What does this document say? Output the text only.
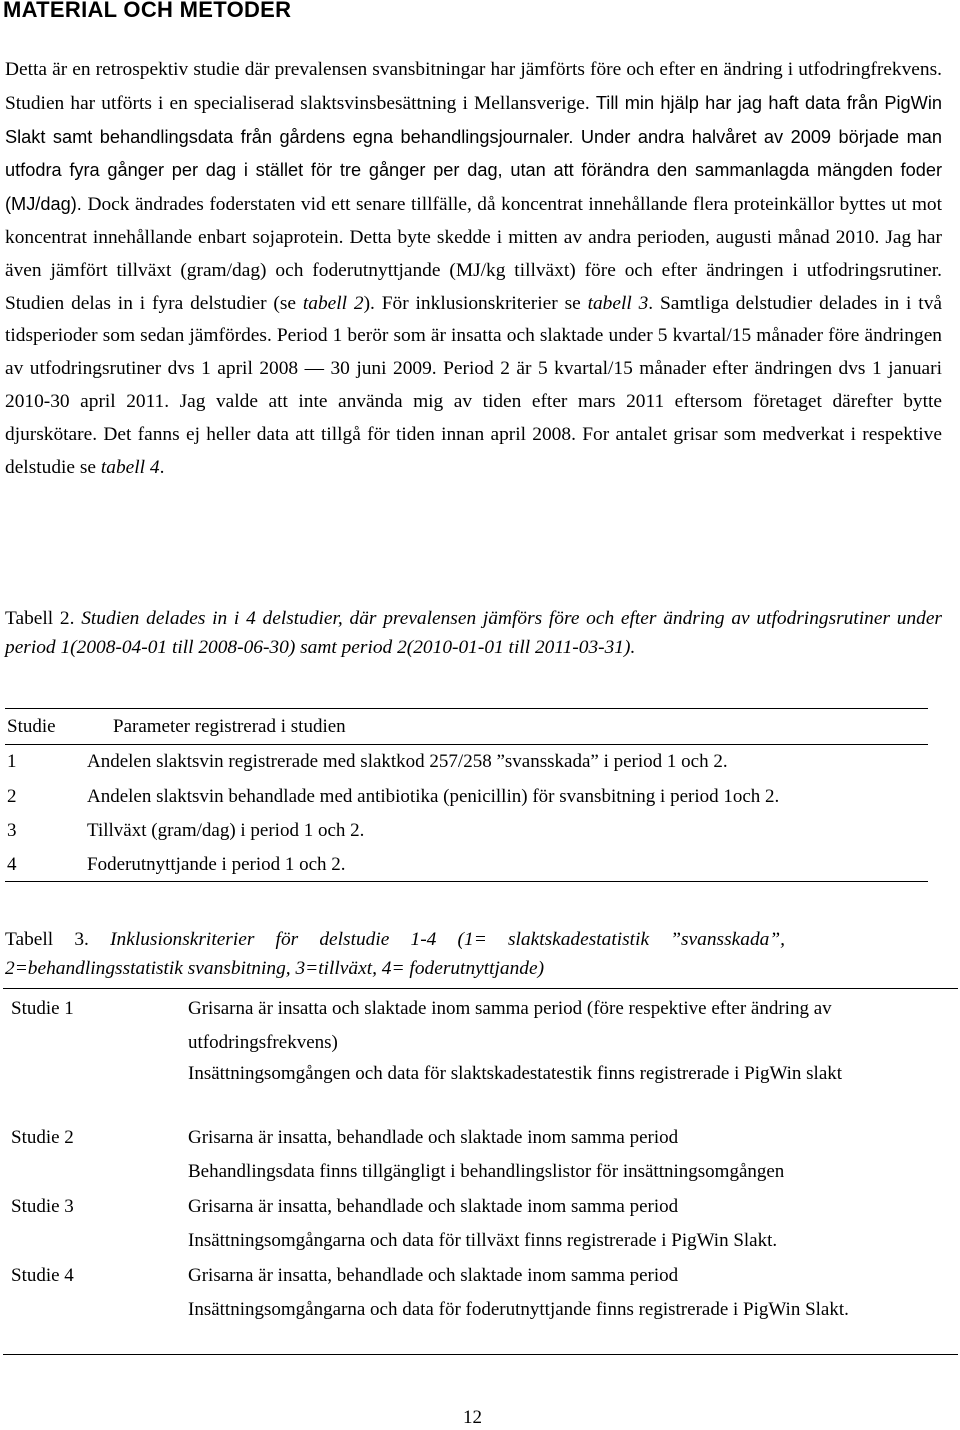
MATERIAL OCH METODER

Detta är en retrospektiv studie där prevalensen svansbitningar har jämförts före och efter en ändring i utfodringfrekvens. Studien har utförts i en specialiserad slaktsvinsbesättning i Mellansverige. Till min hjälp har jag haft data från PigWin Slakt samt behandlingsdata från gårdens egna behandlingsjournaler. Under andra halvåret av 2009 började man utfodra fyra gånger per dag i stället för tre gånger per dag, utan att förändra den sammanlagda mängden foder (MJ/dag). Dock ändrades foderstaten vid ett senare tillfälle, då koncentrat innehållande flera proteinkällor byttes ut mot koncentrat innehållande enbart sojaprotein. Detta byte skedde i mitten av andra perioden, augusti månad 2010. Jag har även jämfört tillväxt (gram/dag) och foderutnyttjande (MJ/kg tillväxt) före och efter ändringen i utfodringsrutiner. Studien delas in i fyra delstudier (se tabell 2). För inklusionskriterier se tabell 3. Samtliga delstudier delades in i två tidsperioder som sedan jämfördes. Period 1 berör som är insatta och slaktade under 5 kvartal/15 månader före ändringen av utfodringsrutiner dvs 1 april 2008 — 30 juni 2009. Period 2 är 5 kvartal/15 månader efter ändringen dvs 1 januari 2010-30 april 2011. Jag valde att inte använda mig av tiden efter mars 2011 eftersom företaget därefter bytte djurskötare. Det fanns ej heller data att tillgå för tiden innan april 2008. For antalet grisar som medverkat i respektive delstudie se tabell 4.

Tabell 2. Studien delades in i 4 delstudier, där prevalensen jämförs före och efter ändring av utfodringsrutiner under period 1(2008-04-01 till 2008-06-30) samt period 2(2010-01-01 till 2011-03-31).

Studie	Parameter registrerad i studien
1	Andelen slaktsvin registrerade med slaktkod 257/258 ”svansskada” i period 1 och 2.
2	Andelen slaktsvin behandlade med antibiotika (penicillin) för svansbitning i period 1och 2.
3	Tillväxt (gram/dag) i period 1 och 2.
4	Foderutnyttjande i period 1 och 2.

Tabell 3. Inklusionskriterier för delstudie 1-4 (1= slaktskadestatistik ”svansskada”, 2=behandlingsstatistik svansbitning, 3=tillväxt, 4= foderutnyttjande)

Studie 1	Grisarna är insatta och slaktade inom samma period (före respektive efter ändring av utfodringsfrekvens)
Insättningsomgången och data för slaktskadestatestik finns registrerade i PigWin slakt
Studie 2	Grisarna är insatta, behandlade och slaktade inom samma period
Behandlingsdata finns tillgängligt i behandlingslistor för insättningsomgången
Studie 3	Grisarna är insatta, behandlade och slaktade inom samma period
Insättningsomgångarna och data för tillväxt finns registrerade i PigWin Slakt.
Studie 4	Grisarna är insatta, behandlade och slaktade inom samma period
Insättningsomgångarna och data för foderutnyttjande finns registrerade i PigWin Slakt.
12
